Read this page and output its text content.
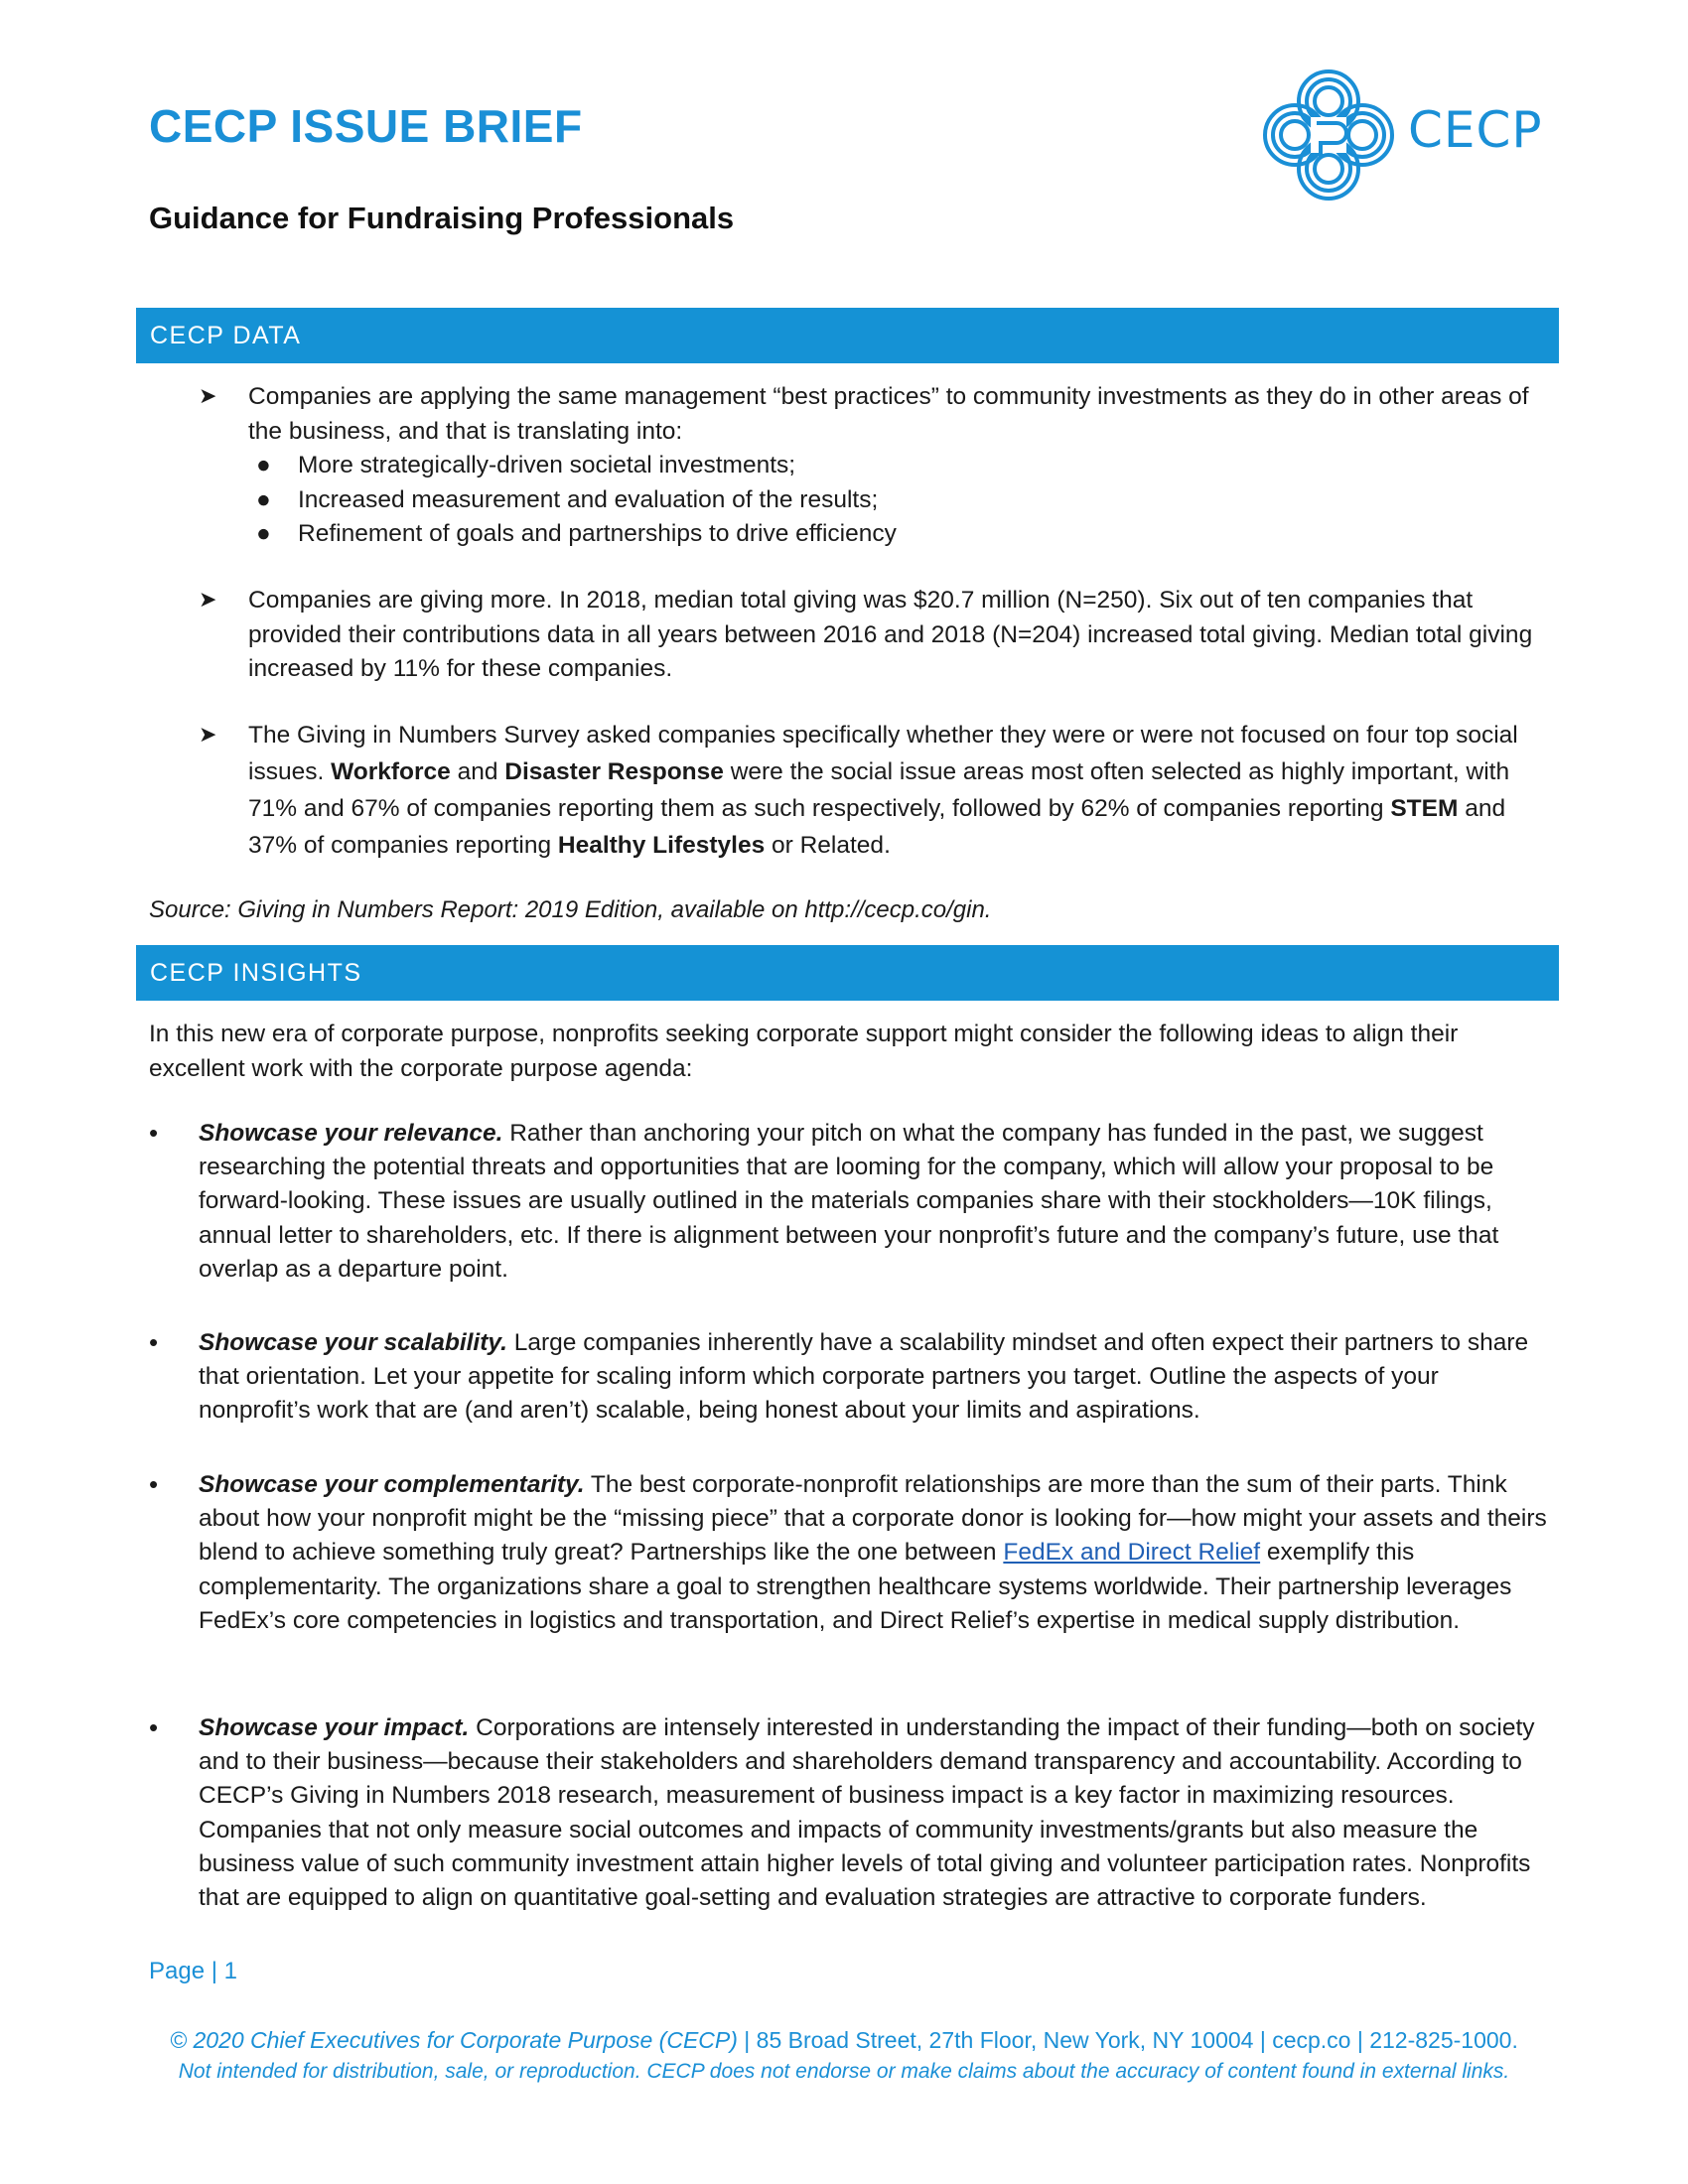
CECP ISSUE BRIEF
Guidance for Fundraising Professionals
CECP
CECP DATA
➤ Companies are applying the same management “best practices” to community investments as they do in other areas of the business, and that is translating into:

● More strategically-driven societal investments;
● Increased measurement and evaluation of the results;
● Refinement of goals and partnerships to drive efficiency
➤ Companies are giving more. In 2018, median total giving was $20.7 million (N=250). Six out of ten companies that provided their contributions data in all years between 2016 and 2018 (N=204) increased total giving. Median total giving increased by 11% for these companies.

➤ The Giving in Numbers Survey asked companies specifically whether they were or were not focused on four top social issues. Workforce and Disaster Response were the social issue areas most often selected as highly important, with 71% and 67% of companies reporting them as such respectively, followed by 62% of companies reporting STEM and 37% of companies reporting Healthy Lifestyles or Related.

Source: Giving in Numbers Report: 2019 Edition, available on http://cecp.co/gin.

CECP INSIGHTS

In this new era of corporate purpose, nonprofits seeking corporate support might consider the following ideas to align their excellent work with the corporate purpose agenda:

• Showcase your relevance. Rather than anchoring your pitch on what the company has funded in the past, we suggest researching the potential threats and opportunities that are looming for the company, which will allow your proposal to be forward-looking. These issues are usually outlined in the materials companies share with their stockholders—10K filings, annual letter to shareholders, etc. If there is alignment between your nonprofit’s future and the company’s future, use that overlap as a departure point.

• Showcase your scalability. Large companies inherently have a scalability mindset and often expect their partners to share that orientation. Let your appetite for scaling inform which corporate partners you target. Outline the aspects of your nonprofit’s work that are (and aren’t) scalable, being honest about your limits and aspirations.

• Showcase your complementarity. The best corporate-nonprofit relationships are more than the sum of their parts. Think about how your nonprofit might be the “missing piece” that a corporate donor is looking for—how might your assets and theirs blend to achieve something truly great? Partnerships like the one between FedEx and Direct Relief exemplify this complementarity. The organizations share a goal to strengthen healthcare systems worldwide. Their partnership leverages FedEx’s core competencies in logistics and transportation, and Direct Relief’s expertise in medical supply distribution.

• Showcase your impact. Corporations are intensely interested in understanding the impact of their funding—both on society and to their business—because their stakeholders and shareholders demand transparency and accountability. According to CECP’s Giving in Numbers 2018 research, measurement of business impact is a key factor in maximizing resources. Companies that not only measure social outcomes and impacts of community investments/grants but also measure the business value of such community investment attain higher levels of total giving and volunteer participation rates. Nonprofits that are equipped to align on quantitative goal-setting and evaluation strategies are attractive to corporate funders.

Page | 1
© 2020 Chief Executives for Corporate Purpose (CECP) | 85 Broad Street, 27th Floor, New York, NY 10004 | cecp.co | 212-825-1000.
Not intended for distribution, sale, or reproduction. CECP does not endorse or make claims about the accuracy of content found in external links.
